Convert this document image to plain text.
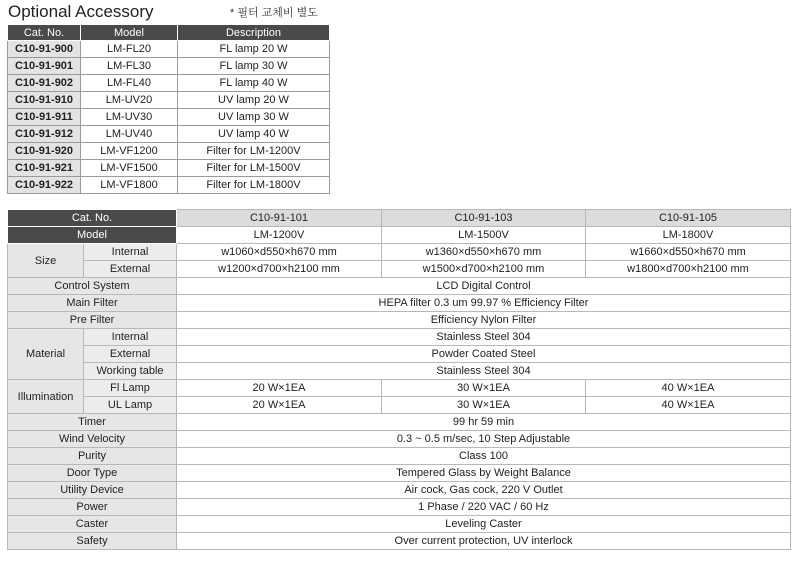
Optional Accessory	* 필터 교체비 별도
Cat. No.	Model	Description
C10-91-900	LM-FL20	FL lamp 20 W
C10-91-901	LM-FL30	FL lamp 30 W
C10-91-902	LM-FL40	FL lamp 40 W
C10-91-910	LM-UV20	UV lamp 20 W
C10-91-911	LM-UV30	UV lamp 30 W
C10-91-912	LM-UV40	UV lamp 40 W
C10-91-920	LM-VF1200	Filter for LM-1200V
C10-91-921	LM-VF1500	Filter for LM-1500V
C10-91-922	LM-VF1800	Filter for LM-1800V
Cat. No.		C10-91-101	C10-91-103	C10-91-105
Model		LM-1200V	LM-1500V	LM-1800V
Size	Internal	w1060×d550×h670 mm	w1360×d550×h670 mm	w1660×d550×h670 mm
	External	w1200×d700×h2100 mm	w1500×d700×h2100 mm	w1800×d700×h2100 mm
Control System		LCD Digital Control		
Main Filter		HEPA filter 0.3 um 99.97 % Efficiency Filter		
Pre Filter		Efficiency Nylon Filter		
Material	Internal	Stainless Steel 304		
	External	Powder Coated Steel		
	Working table	Stainless Steel 304		
Illumination	Fl Lamp	20 W×1EA	30 W×1EA	40 W×1EA
	UL Lamp	20 W×1EA	30 W×1EA	40 W×1EA
Timer		99 hr 59 min		
Wind Velocity		0.3 ~ 0.5 m/sec, 10 Step Adjustable		
Purity		Class 100		
Door Type		Tempered Glass by Weight Balance		
Utility Device		Air cock, Gas cock, 220 V Outlet		
Power		1 Phase / 220 VAC / 60 Hz		
Caster		Leveling Caster		
Safety		Over current protection, UV interlock		
